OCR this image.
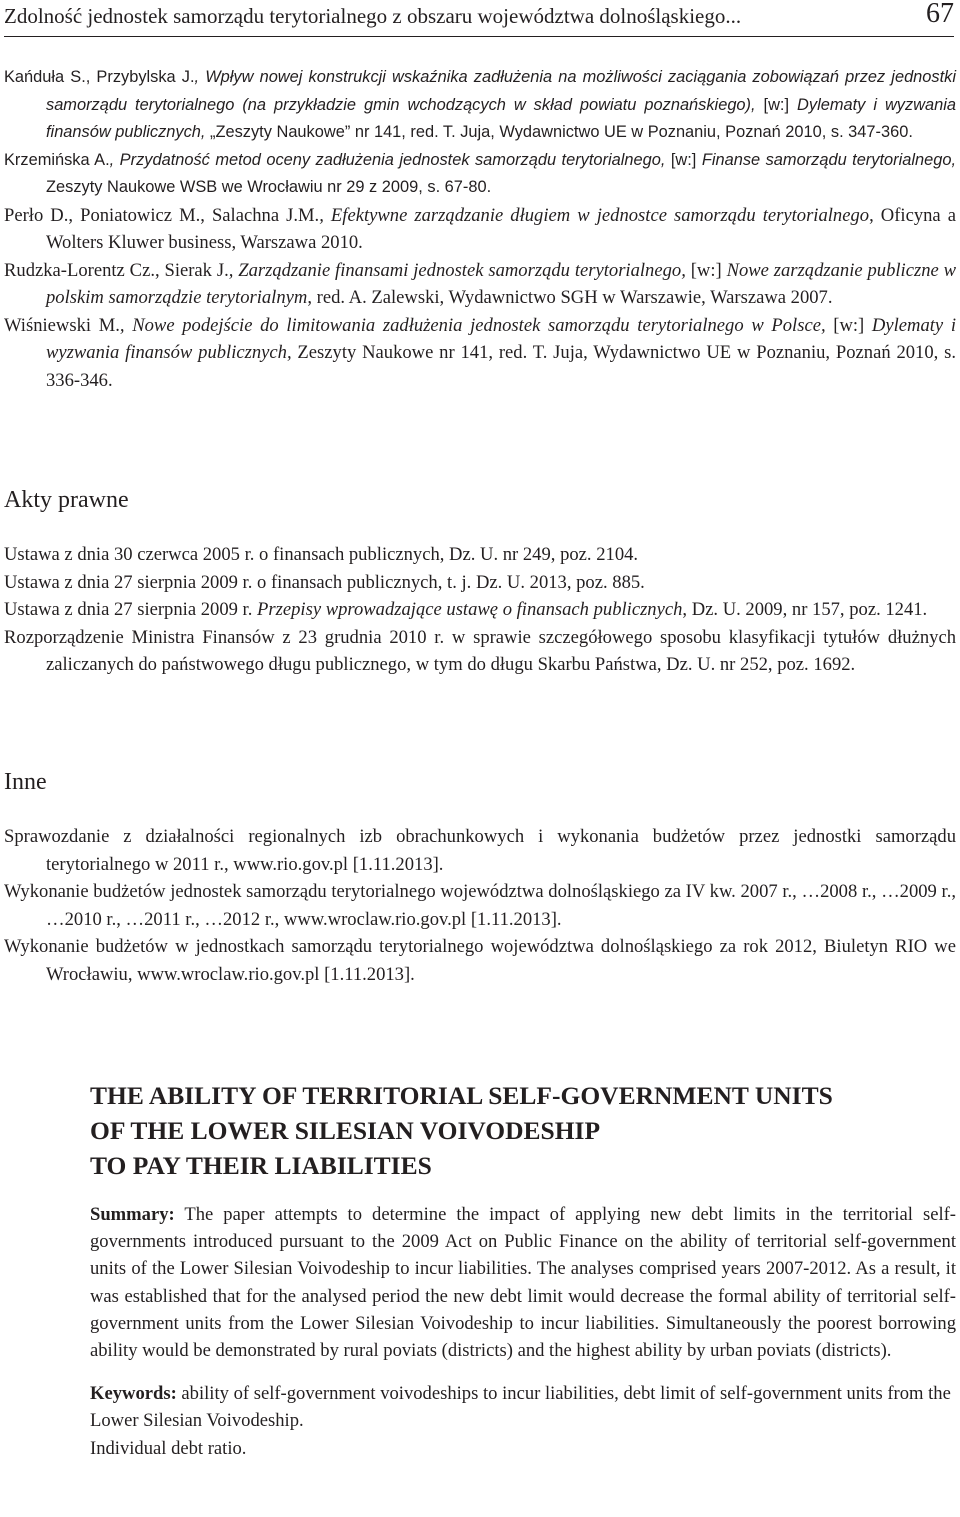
Zdolność jednostek samorządu terytorialnego z obszaru województwa dolnośląskiego...	67

Kańduła S., Przybylska J., Wpływ nowej konstrukcji wskaźnika zadłużenia na możliwości zaciągania zobowiązań przez jednostki samorządu terytorialnego (na przykładzie gmin wchodzących w skład powiatu poznańskiego), [w:] Dylematy i wyzwania finansów publicznych, „Zeszyty Naukowe” nr 141, red. T. Juja, Wydawnictwo UE w Poznaniu, Poznań 2010, s. 347-360.

Krzemińska A., Przydatność metod oceny zadłużenia jednostek samorządu terytorialnego, [w:] Finanse samorządu terytorialnego, Zeszyty Naukowe WSB we Wrocławiu nr 29 z 2009, s. 67-80.

Perło D., Poniatowicz M., Salachna J.M., Efektywne zarządzanie długiem w jednostce samorządu terytorialnego, Oficyna a Wolters Kluwer business, Warszawa 2010.

Rudzka-Lorentz Cz., Sierak J., Zarządzanie finansami jednostek samorządu terytorialnego, [w:] Nowe zarządzanie publiczne w polskim samorządzie terytorialnym, red. A. Zalewski, Wydawnictwo SGH w Warszawie, Warszawa 2007.

Wiśniewski M., Nowe podejście do limitowania zadłużenia jednostek samorządu terytorialnego w Polsce, [w:] Dylematy i wyzwania finansów publicznych, Zeszyty Naukowe nr 141, red. T. Juja, Wydawnictwo UE w Poznaniu, Poznań 2010, s. 336-346.

Akty prawne

Ustawa z dnia 30 czerwca 2005 r. o finansach publicznych, Dz. U. nr 249, poz. 2104.

Ustawa z dnia 27 sierpnia 2009 r. o finansach publicznych, t. j. Dz. U. 2013, poz. 885.

Ustawa z dnia 27 sierpnia 2009 r. Przepisy wprowadzające ustawę o finansach publicznych, Dz. U. 2009, nr 157, poz. 1241.

Rozporządzenie Ministra Finansów z 23 grudnia 2010 r. w sprawie szczegółowego sposobu klasyfikacji tytułów dłużnych zaliczanych do państwowego długu publicznego, w tym do długu Skarbu Państwa, Dz. U. nr 252, poz. 1692.

Inne

Sprawozdanie z działalności regionalnych izb obrachunkowych i wykonania budżetów przez jednostki samorządu terytorialnego w 2011 r., www.rio.gov.pl [1.11.2013].

Wykonanie budżetów jednostek samorządu terytorialnego województwa dolnośląskiego za IV kw. 2007 r., …2008 r., …2009 r., …2010 r., …2011 r., …2012 r., www.wroclaw.rio.gov.pl [1.11.2013].

Wykonanie budżetów w jednostkach samorządu terytorialnego województwa dolnośląskiego za rok 2012, Biuletyn RIO we Wrocławiu, www.wroclaw.rio.gov.pl [1.11.2013].

THE ABILITY OF TERRITORIAL SELF-GOVERNMENT UNITS
OF THE LOWER SILESIAN VOIVODESHIP
TO PAY THEIR LIABILITIES

Summary: The paper attempts to determine the impact of applying new debt limits in the territorial self-governments introduced pursuant to the 2009 Act on Public Finance on the ability of territorial self-government units of the Lower Silesian Voivodeship to incur liabilities. The analyses comprised years 2007-2012. As a result, it was established that for the analysed period the new debt limit would decrease the formal ability of territorial self-government units from the Lower Silesian Voivodeship to incur liabilities. Simultaneously the poorest borrowing ability would be demonstrated by rural poviats (districts) and the highest ability by urban poviats (districts).

Keywords: ability of self-government voivodeships to incur liabilities, debt limit of self-government units from the Lower Silesian Voivodeship.

Individual debt ratio.
